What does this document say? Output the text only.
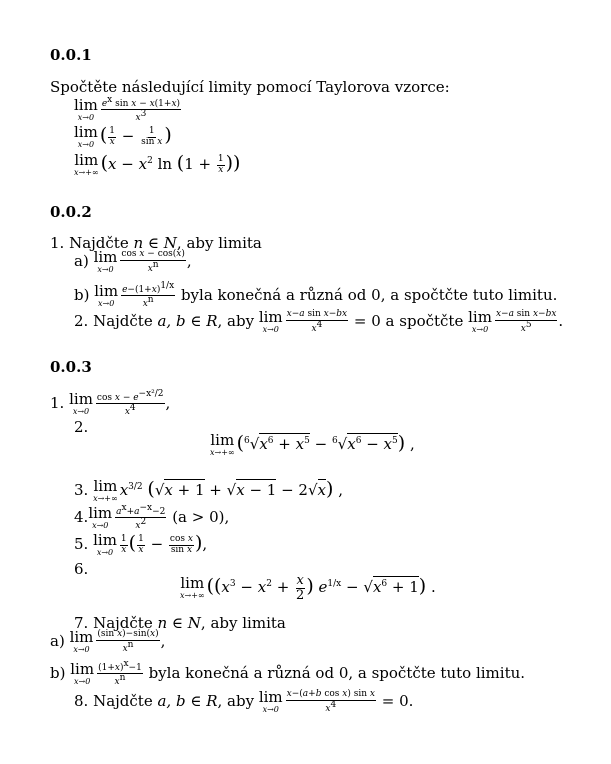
0.0.1
Spočtěte následující limity pomocí Taylorova vzorce:
lim
$x\to 0 \frac{e^x \sin x - x(1+x)}{x^3}$
lim
x→0 ( $\frac{1}{x} - \frac{1}{\text{sin x}}$ )
lim
x→+∞ ($x - x^2$ $\ln (1 + \frac{1}{x}$ ))
0.0.2
1. Najdčte n ∈ N, aby limita
a) lim
$x\to 0 \frac{\text{cos x − cos(x)}}{x^n}$ ,
b) lim
$x\to 0 \frac{e-(1+x)^{1/x}}{x^n}$ byla konečná a různá od 0, a spočtčte tuto limitu.
2. Najdčte a, b ∈ R, aby lim
$x\to 0 \frac{\text{x−a sin x−bx}}{x^4} = 0$ a spočtčte lim
$x\to 0 \frac{\text{x−a sin x−bx}}{x^5}$ .
0.0.3
1. lim
$x\to 0 \frac{\cos x - e^{-x^2/2}}{x^4}$ ,
2.
lim
x→+∞ $(^6√x^6 + x^5 - ^6√x^6 - x^5)$ ,
3. lim
x→+∞ $x^{3/2}$ (√x + 1 + √x − 1 − 2√x) ,
4. lim
$x\to 0 \frac{a^x+a^{-x}-2}{x^2} (a > 0)$,
5. lim
$x\to 0 \frac{1}{x}$ ( $\frac{1}{x} - \frac{\text{cos x}}{\text{sin x}}$ ),
6.
lim
x→+∞ (($x^3 - x^2 + \frac{x}{2}$ ) $e^{1/x} - √x^6 + 1$) .
7. Najdčte n ∈ N, aby limita
a) lim
$x\to 0 \frac{\text{(sin x)−sin(x)}}{x^n}$ ,
b) lim
$x\to 0 \frac{(1+x)^x-1}{x^n}$ byla konečná a různá od 0, a spočtčte tuto limitu.
8. Najdčte a, b ∈ R, aby lim
$x\to 0 \frac{\text{x−(a+b cos x) sin x}}{x^4} = 0$.
